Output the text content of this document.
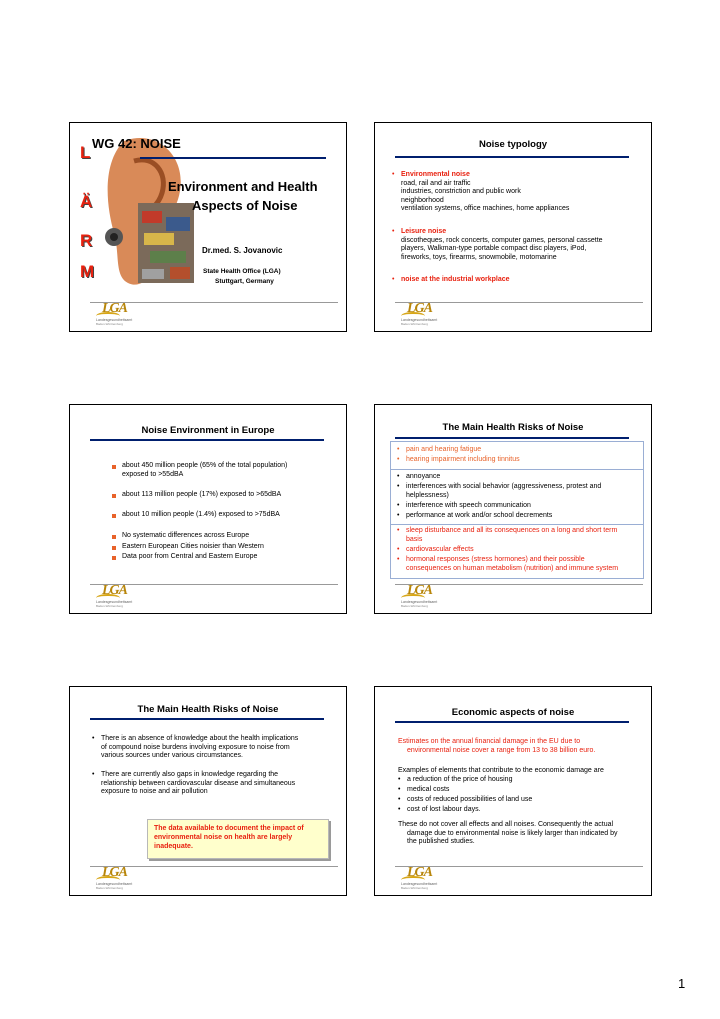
WG 42: NOISE
L
Ä
R
M
Environment and Health
Aspects of Noise
Dr.med. S. Jovanovic
State Health Office (LGA)
Stuttgart, Germany
LGA
Landesgesundheitsamt
Baden-Württemberg
Noise typology
• Environmental noise
road, rail and air traffic
industries, constriction and public work
neighborhood
ventilation systems, office machines, home appliances
• Leisure noise
discotheques, rock concerts, computer games, personal cassette
players, Walkman-type portable compact disc players, iPod,
fireworks, toys, firearms, snowmobile, motomarine
• noise at the industrial workplace
LGA
Landesgesundheitsamt
Baden-Württemberg
Noise Environment in Europe
about 450 million people (65% of the total population)
exposed to >55dBA
about 113 million people (17%) exposed to >65dBA
about 10 million people (1.4%) exposed to >75dBA
No systematic differences across Europe
Eastern European Cities noisier than Western
Data poor from Central and Eastern Europe
LGA
Landesgesundheitsamt
Baden-Württemberg
The Main Health Risks of Noise
• pain and hearing fatigue
• hearing impairment including tinnitus
• annoyance
• interferences with social behavior (aggressiveness, protest and
helplessness)
• interference with speech communication
• performance at work and/or school decrements
• sleep disturbance and all its consequences on a long and short term
basis
• cardiovascular effects
• hormonal responses (stress hormones) and their possible
consequences on human metabolism (nutrition) and immune system
LGA
Landesgesundheitsamt
Baden-Württemberg
The Main Health Risks of Noise
• There is an absence of knowledge about the health implications
of compound noise burdens involving exposure to noise from
various sources under various circumstances.
• There are currently also gaps in knowledge regarding the
relationship between cardiovascular disease and simultaneous
exposure to noise and air pollution
The data available to document the impact of
environmental noise on health are largely
inadequate.
LGA
Landesgesundheitsamt
Baden-Württemberg
Economic aspects of noise
Estimates on the annual financial damage in the EU due to
environmental noise cover a range from 13 to 38 billion euro.
Examples of elements that contribute to the economic damage are
• a reduction of the price of housing
• medical costs
• costs of reduced possibilities of land use
• cost of lost labour days.
These do not cover all effects and all noises. Consequently the actual
damage due to environmental noise is likely larger than indicated by
the published studies.
LGA
Landesgesundheitsamt
Baden-Württemberg
1
